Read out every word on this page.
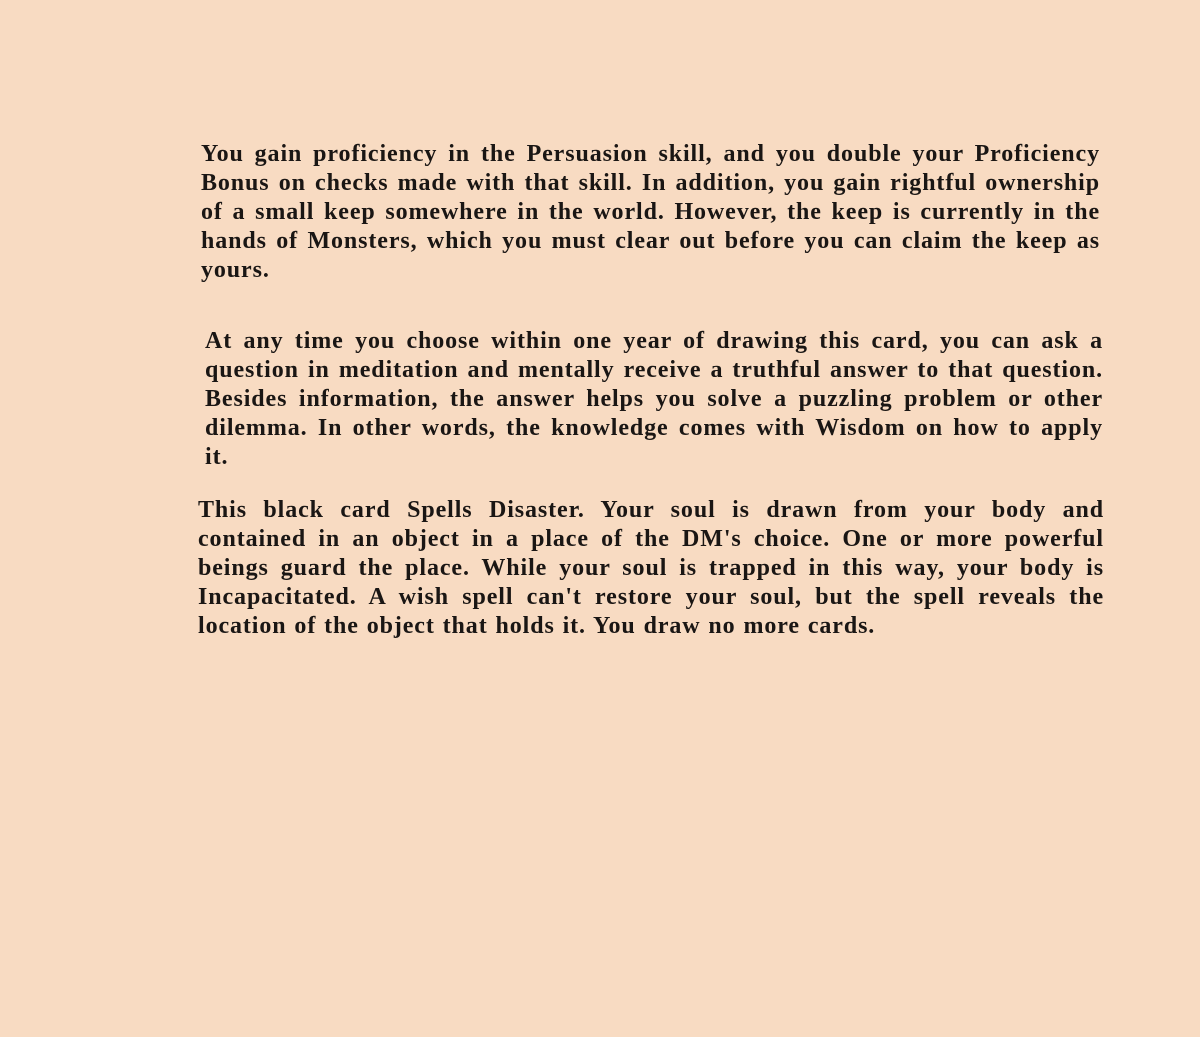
You gain proficiency in the Persuasion skill, and you double your Proficiency Bonus on checks made with that skill. In addition, you gain rightful ownership of a small keep somewhere in the world. However, the keep is currently in the hands of Monsters, which you must clear out before you can claim the keep as yours.
At any time you choose within one year of drawing this card, you can ask a question in meditation and mentally receive a truthful answer to that question. Besides information, the answer helps you solve a puzzling problem or other dilemma. In other words, the knowledge comes with Wisdom on how to apply it.
This black card Spells Disaster. Your soul is drawn from your body and contained in an object in a place of the DM's choice. One or more powerful beings guard the place. While your soul is trapped in this way, your body is Incapacitated. A wish spell can't restore your soul, but the spell reveals the location of the object that holds it. You draw no more cards.
